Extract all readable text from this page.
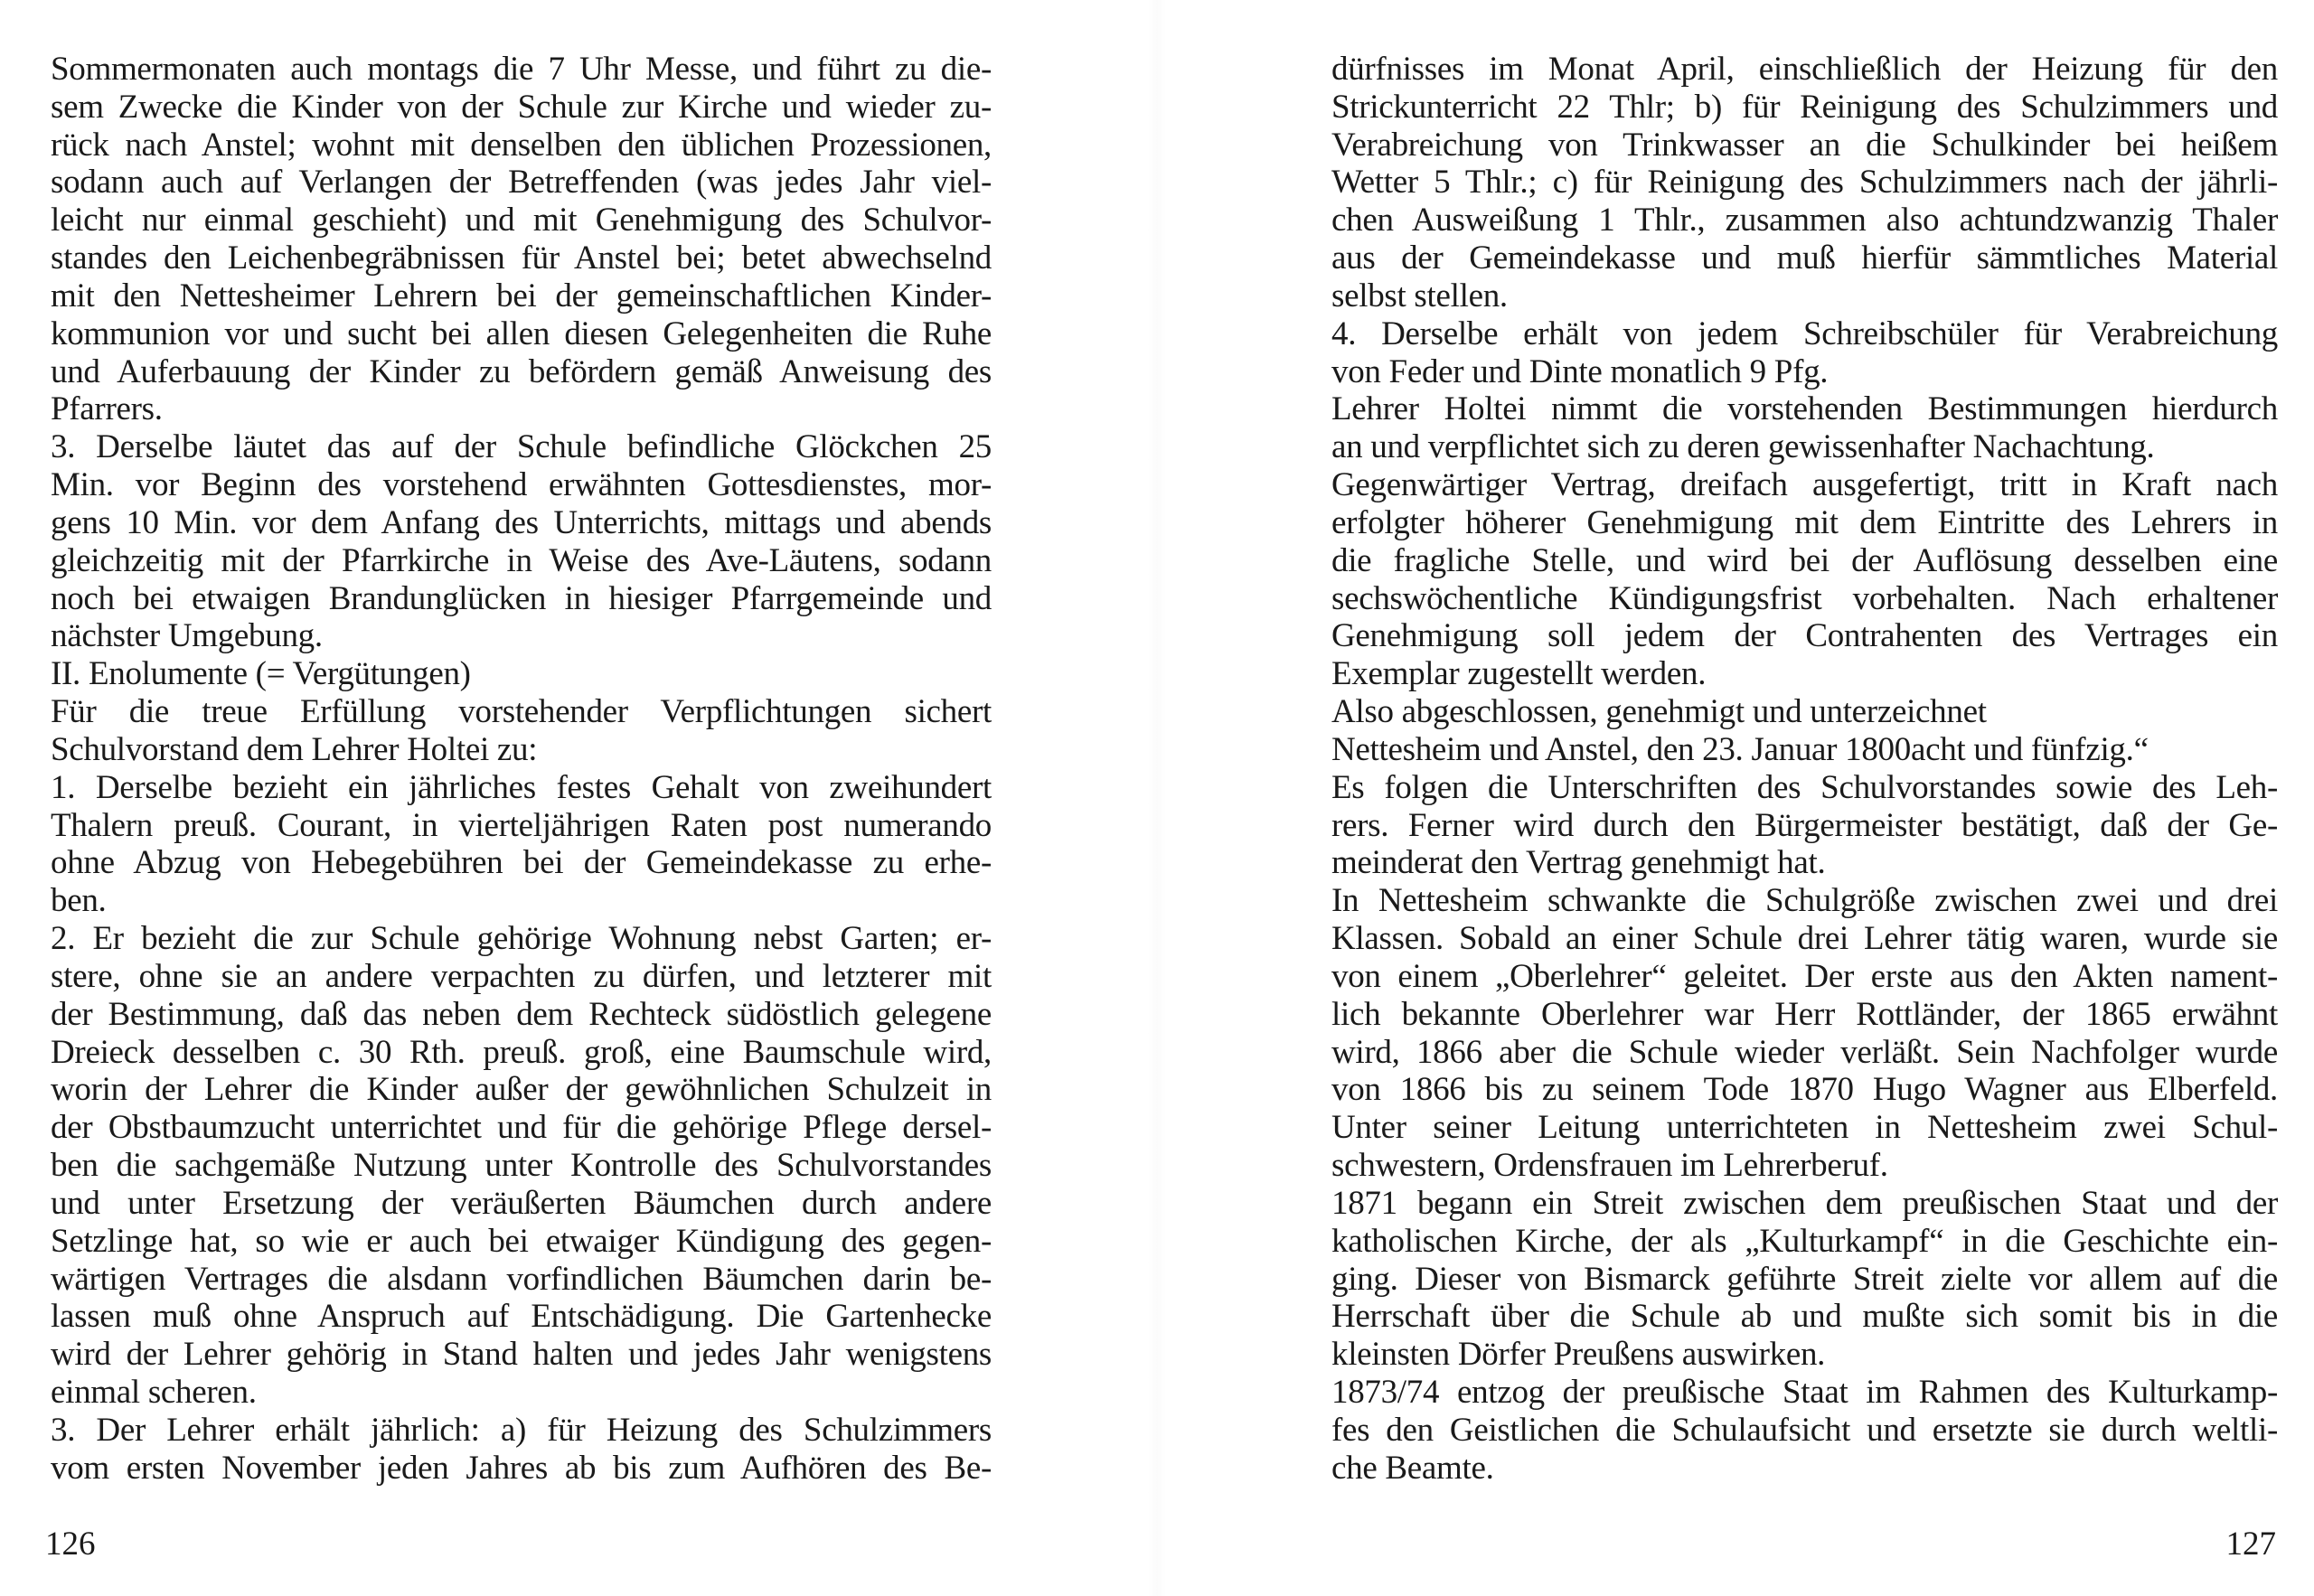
Sommermonaten auch montags die 7 Uhr Messe, und führt zu die-
sem Zwecke die Kinder von der Schule zur Kirche und wieder zu-
rück nach Anstel; wohnt mit denselben den üblichen Prozessionen,
sodann auch auf Verlangen der Betreffenden (was jedes Jahr viel-
leicht nur einmal geschieht) und mit Genehmigung des Schulvor-
standes den Leichenbegräbnissen für Anstel bei; betet abwechselnd
mit den Nettesheimer Lehrern bei der gemeinschaftlichen Kinder-
kommunion vor und sucht bei allen diesen Gelegenheiten die Ruhe
und Auferbauung der Kinder zu befördern gemäß Anweisung des
Pfarrers.
3. Derselbe läutet das auf der Schule befindliche Glöckchen 25
Min. vor Beginn des vorstehend erwähnten Gottesdienstes, mor-
gens 10 Min. vor dem Anfang des Unterrichts, mittags und abends
gleichzeitig mit der Pfarrkirche in Weise des Ave-Läutens, sodann
noch bei etwaigen Brandunglücken in hiesiger Pfarrgemeinde und
nächster Umgebung.
II. Enolumente (= Vergütungen)
Für die treue Erfüllung vorstehender Verpflichtungen sichert
Schulvorstand dem Lehrer Holtei zu:
1. Derselbe bezieht ein jährliches festes Gehalt von zweihundert
Thalern preuß. Courant, in vierteljährigen Raten post numerando
ohne Abzug von Hebegebühren bei der Gemeindekasse zu erhe-
ben.
2. Er bezieht die zur Schule gehörige Wohnung nebst Garten; er-
stere, ohne sie an andere verpachten zu dürfen, und letzterer mit
der Bestimmung, daß das neben dem Rechteck südöstlich gelegene
Dreieck desselben c. 30 Rth. preuß. groß, eine Baumschule wird,
worin der Lehrer die Kinder außer der gewöhnlichen Schulzeit in
der Obstbaumzucht unterrichtet und für die gehörige Pflege dersel-
ben die sachgemäße Nutzung unter Kontrolle des Schulvorstandes
und unter Ersetzung der veräußerten Bäumchen durch andere
Setzlinge hat, so wie er auch bei etwaiger Kündigung des gegen-
wärtigen Vertrages die alsdann vorfindlichen Bäumchen darin be-
lassen muß ohne Anspruch auf Entschädigung. Die Gartenhecke
wird der Lehrer gehörig in Stand halten und jedes Jahr wenigstens
einmal scheren.
3. Der Lehrer erhält jährlich: a) für Heizung des Schulzimmers
vom ersten November jeden Jahres ab bis zum Aufhören des Be-
126
dürfnisses im Monat April, einschließlich der Heizung für den
Strickunterricht 22 Thlr; b) für Reinigung des Schulzimmers und
Verabreichung von Trinkwasser an die Schulkinder bei heißem
Wetter 5 Thlr.; c) für Reinigung des Schulzimmers nach der jährli-
chen Ausweißung 1 Thlr., zusammen also achtundzwanzig Thaler
aus der Gemeindekasse und muß hierfür sämmtliches Material
selbst stellen.
4. Derselbe erhält von jedem Schreibschüler für Verabreichung
von Feder und Dinte monatlich 9 Pfg.
Lehrer Holtei nimmt die vorstehenden Bestimmungen hierdurch
an und verpflichtet sich zu deren gewissenhafter Nachachtung.
Gegenwärtiger Vertrag, dreifach ausgefertigt, tritt in Kraft nach
erfolgter höherer Genehmigung mit dem Eintritte des Lehrers in
die fragliche Stelle, und wird bei der Auflösung desselben eine
sechswöchentliche Kündigungsfrist vorbehalten. Nach erhaltener
Genehmigung soll jedem der Contrahenten des Vertrages ein
Exemplar zugestellt werden.
Also abgeschlossen, genehmigt und unterzeichnet
Nettesheim und Anstel, den 23. Januar 1800acht und fünfzig.“
Es folgen die Unterschriften des Schulvorstandes sowie des Leh-
rers. Ferner wird durch den Bürgermeister bestätigt, daß der Ge-
meinderat den Vertrag genehmigt hat.
In Nettesheim schwankte die Schulgröße zwischen zwei und drei
Klassen. Sobald an einer Schule drei Lehrer tätig waren, wurde sie
von einem „Oberlehrer“ geleitet. Der erste aus den Akten nament-
lich bekannte Oberlehrer war Herr Rottländer, der 1865 erwähnt
wird, 1866 aber die Schule wieder verläßt. Sein Nachfolger wurde
von 1866 bis zu seinem Tode 1870 Hugo Wagner aus Elberfeld.
Unter seiner Leitung unterrichteten in Nettesheim zwei Schul-
schwestern, Ordensfrauen im Lehrerberuf.
1871 begann ein Streit zwischen dem preußischen Staat und der
katholischen Kirche, der als „Kulturkampf“ in die Geschichte ein-
ging. Dieser von Bismarck geführte Streit zielte vor allem auf die
Herrschaft über die Schule ab und mußte sich somit bis in die
kleinsten Dörfer Preußens auswirken.
1873/74 entzog der preußische Staat im Rahmen des Kulturkamp-
fes den Geistlichen die Schulaufsicht und ersetzte sie durch weltli-
che Beamte.
127
